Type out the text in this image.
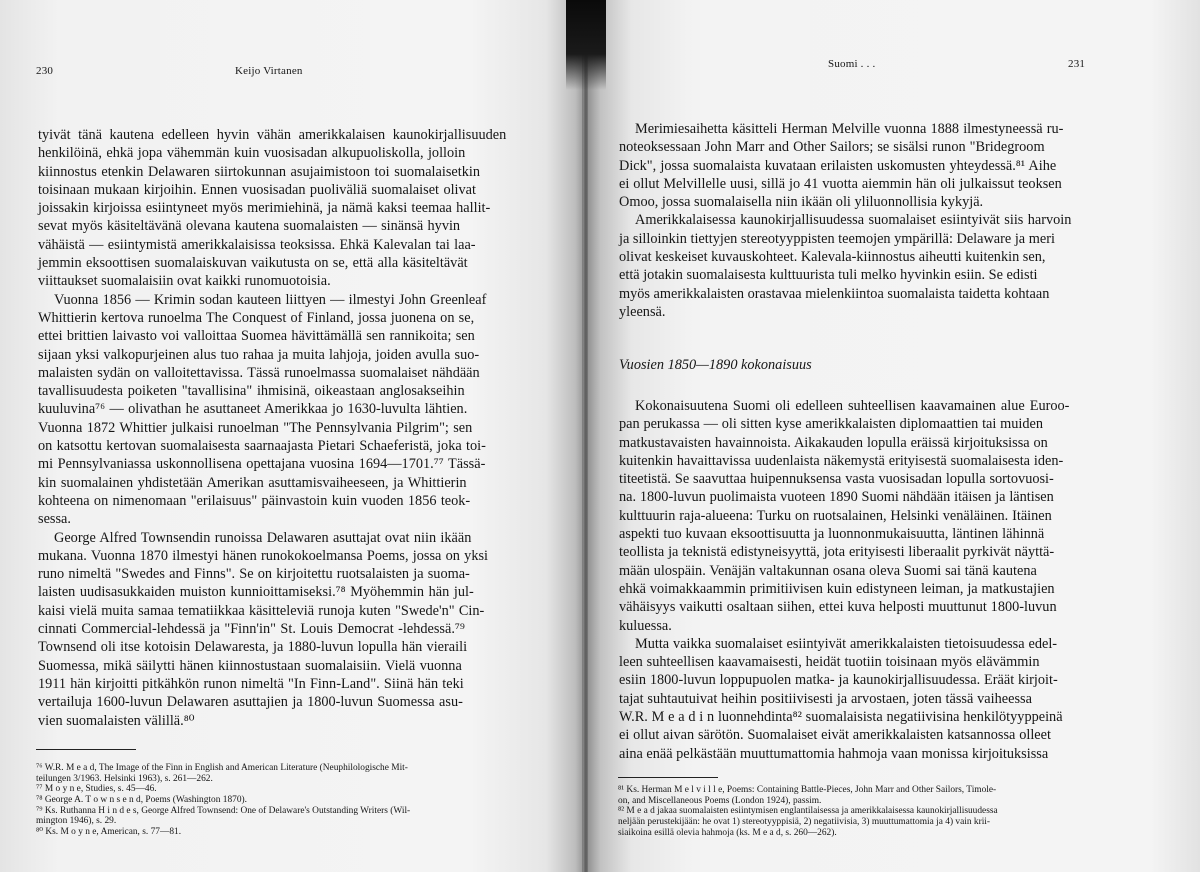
230	Keijo Virtanen
tyivät tänä kautena edelleen hyvin vähän amerikkalaisen kaunokirjallisuuden
henkilöinä, ehkä jopa vähemmän kuin vuosisadan alkupuoliskolla, jolloin
kiinnostus etenkin Delawaren siirtokunnan asujaimistoon toi suomalaisetkin
toisinaan mukaan kirjoihin. Ennen vuosisadan puoliväliä suomalaiset olivat
joissakin kirjoissa esiintyneet myös merimiehinä, ja nämä kaksi teemaa hallit-
sevat myös käsiteltävänä olevana kautena suomalaisten — sinänsä hyvin
vähäistä — esiintymistä amerikkalaisissa teoksissa. Ehkä Kalevalan tai laa-
jemmin eksoottisen suomalaiskuvan vaikutusta on se, että alla käsiteltävät
viittaukset suomalaisiin ovat kaikki runomuotoisia.
Vuonna 1856 — Krimin sodan kauteen liittyen — ilmestyi John Greenleaf
Whittierin kertova runoelma The Conquest of Finland, jossa juonena on se,
ettei brittien laivasto voi valloittaa Suomea hävittämällä sen rannikoita; sen
sijaan yksi valkopurjeinen alus tuo rahaa ja muita lahjoja, joiden avulla suo-
malaisten sydän on valloitettavissa. Tässä runoelmassa suomalaiset nähdään
tavallisuudesta poiketen "tavallisina" ihmisinä, oikeastaan anglosakseihin
kuuluvina⁷⁶ — olivathan he asuttaneet Amerikkaa jo 1630-luvulta lähtien.
Vuonna 1872 Whittier julkaisi runoelman "The Pennsylvania Pilgrim"; sen
on katsottu kertovan suomalaisesta saarnaajasta Pietari Schaeferistä, joka toi-
mi Pennsylvaniassa uskonnollisena opettajana vuosina 1694—1701.⁷⁷ Tässä-
kin suomalainen yhdistetään Amerikan asuttamisvaiheeseen, ja Whittierin
kohteena on nimenomaan "erilaisuus" päinvastoin kuin vuoden 1856 teok-
sessa.
George Alfred Townsendin runoissa Delawaren asuttajat ovat niin ikään
mukana. Vuonna 1870 ilmestyi hänen runokokoelmansa Poems, jossa on yksi
runo nimeltä "Swedes and Finns". Se on kirjoitettu ruotsalaisten ja suoma-
laisten uudisasukkaiden muiston kunnioittamiseksi.⁷⁸ Myöhemmin hän jul-
kaisi vielä muita samaa tematiikkaa käsitteleviä runoja kuten "Swede'n" Cin-
cinnati Commercial-lehdessä ja "Finn'in" St. Louis Democrat -lehdessä.⁷⁹
Townsend oli itse kotoisin Delawaresta, ja 1880-luvun lopulla hän vieraili
Suomessa, mikä säilytti hänen kiinnostustaan suomalaisiin. Vielä vuonna
1911 hän kirjoitti pitkähkön runon nimeltä "In Finn-Land". Siinä hän teki
vertailuja 1600-luvun Delawaren asuttajien ja 1800-luvun Suomessa asu-
vien suomalaisten välillä.⁸⁰
⁷⁶ W.R. M e a d, The Image of the Finn in English and American Literature (Neuphilologische Mit-
teilungen 3/1963. Helsinki 1963), s. 261—262.
⁷⁷ M o y n e, Studies, s. 45—46.
⁷⁸ George A. T o w n s e n d, Poems (Washington 1870).
⁷⁹ Ks. Ruthanna H i n d e s, George Alfred Townsend: One of Delaware's Outstanding Writers (Wil-
mington 1946), s. 29.
⁸⁰ Ks. M o y n e, American, s. 77—81.
Suomi . . .	231
Merimiesaihetta käsitteli Herman Melville vuonna 1888 ilmestyneessä ru-
noteoksessaan John Marr and Other Sailors; se sisälsi runon "Bridegroom
Dick", jossa suomalaista kuvataan erilaisten uskomusten yhteydessä.⁸¹ Aihe
ei ollut Melvillelle uusi, sillä jo 41 vuotta aiemmin hän oli julkaissut teoksen
Omoo, jossa suomalaisella niin ikään oli yliluonnollisia kykyjä.
Amerikkalaisessa kaunokirjallisuudessa suomalaiset esiintyivät siis harvoin
ja silloinkin tiettyjen stereotyyppisten teemojen ympärillä: Delaware ja meri
olivat keskeiset kuvauskohteet. Kalevala-kiinnostus aiheutti kuitenkin sen,
että jotakin suomalaisesta kulttuurista tuli melko hyvinkin esiin. Se edisti
myös amerikkalaisten orastavaa mielenkiintoa suomalaista taidetta kohtaan
yleensä.
Vuosien 1850—1890 kokonaisuus
Kokonaisuutena Suomi oli edelleen suhteellisen kaavamainen alue Euroo-
pan perukassa — oli sitten kyse amerikkalaisten diplomaattien tai muiden
matkustavaisten havainnoista. Aikakauden lopulla eräissä kirjoituksissa on
kuitenkin havaittavissa uudenlaista näkemystä erityisestä suomalaisesta iden-
titeetistä. Se saavuttaa huipennuksensa vasta vuosisadan lopulla sortovuosi-
na. 1800-luvun puolimaista vuoteen 1890 Suomi nähdään itäisen ja läntisen
kulttuurin raja-alueena: Turku on ruotsalainen, Helsinki venäläinen. Itäinen
aspekti tuo kuvaan eksoottisuutta ja luonnonmukaisuutta, läntinen lähinnä
teollista ja teknistä edistyneisyyttä, jota erityisesti liberaalit pyrkivät näyttä-
mään ulospäin. Venäjän valtakunnan osana oleva Suomi sai tänä kautena
ehkä voimakkaammin primitiivisen kuin edistyneen leiman, ja matkustajien
vähäisyys vaikutti osaltaan siihen, ettei kuva helposti muuttunut 1800-luvun
kuluessa.
Mutta vaikka suomalaiset esiintyivät amerikkalaisten tietoisuudessa edel-
leen suhteellisen kaavamaisesti, heidät tuotiin toisinaan myös elävämmin
esiin 1800-luvun loppupuolen matka- ja kaunokirjallisuudessa. Eräät kirjoit-
tajat suhtautuivat heihin positiivisesti ja arvostaen, joten tässä vaiheessa
W.R. M e a d i n luonnehdinta⁸² suomalaisista negatiivisina henkilötyyppeinä
ei ollut aivan särötön. Suomalaiset eivät amerikkalaisten katsannossa olleet
aina enää pelkästään muuttumattomia hahmoja vaan monissa kirjoituksissa
⁸¹ Ks. Herman M e l v i l l e, Poems: Containing Battle-Pieces, John Marr and Other Sailors, Timole-
on, and Miscellaneous Poems (London 1924), passim.
⁸² M e a d jakaa suomalaisten esiintymisen englantilaisessa ja amerikkalaisessa kaunokirjallisuudessa
neljään perustekijään: he ovat 1) stereotyyppisiä, 2) negatiivisia, 3) muuttumattomia ja 4) vain krii-
siaikoina esillä olevia hahmoja (ks. M e a d, s. 260—262).
